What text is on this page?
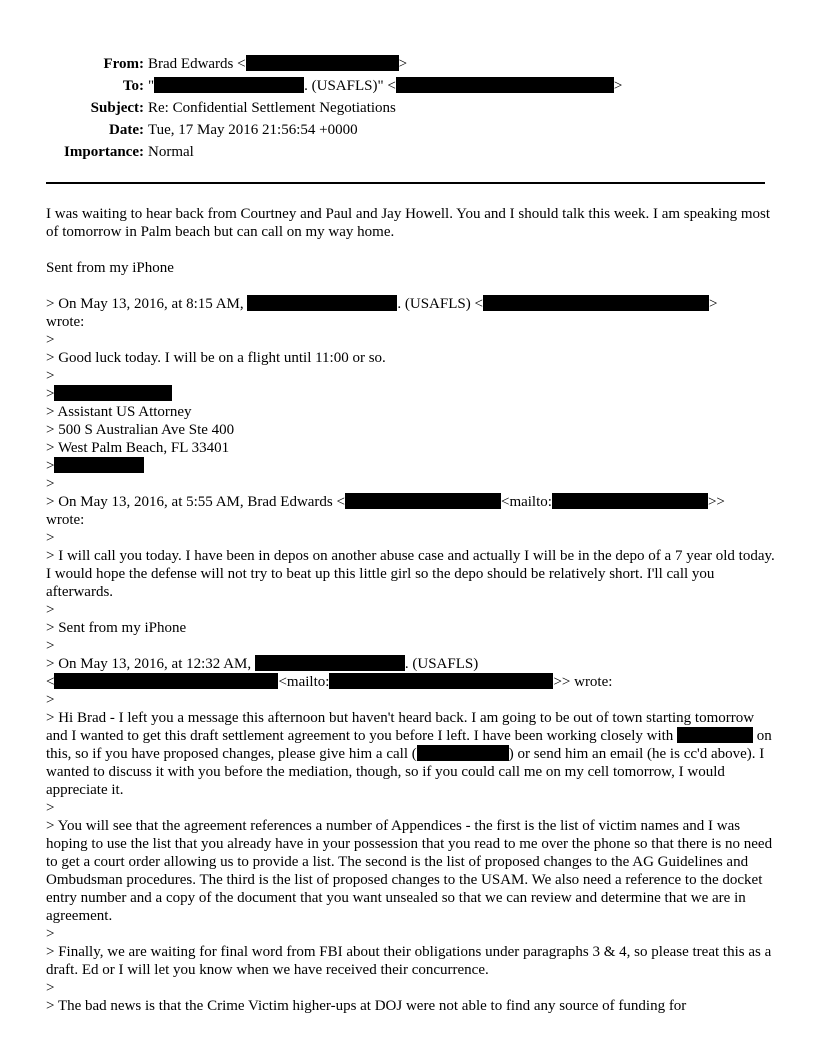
From: Brad Edwards <	>
To: "	. (USAFLS)" <	>
Subject: Re: Confidential Settlement Negotiations
Date: Tue, 17 May 2016 21:56:54 +0000
Importance: Normal

I was waiting to hear back from Courtney and Paul and Jay Howell. You and I should talk this week. I am speaking most of tomorrow in Palm beach but can call on my way home.

Sent from my iPhone

> On May 13, 2016, at 8:15 AM,	. (USAFLS) <	>

wrote:

>

> Good luck today. I will be on a flight until 11:00 or so.

>

>

> Assistant US Attorney

> 500 S Australian Ave Ste 400

> West Palm Beach, FL 33401

>

>

> On May 13, 2016, at 5:55 AM, Brad Edwards <	<mailto:	>>

wrote:

>

> I will call you today. I have been in depos on another abuse case and actually I will be in the depo of a 7 year old today. I would hope the defense will not try to beat up this little girl so the depo should be relatively short. I'll call you afterwards.

>

> Sent from my iPhone

>

> On May 13, 2016, at 12:32 AM,	. (USAFLS)

<	<mailto:	>> wrote:

>

> Hi Brad - I left you a message this afternoon but haven't heard back. I am going to be out of town starting tomorrow and I wanted to get this draft settlement agreement to you before I left. I have been working closely with	on this, so if you have proposed changes, please give him a call (	) or send him an email (he is cc'd above). I wanted to discuss it with you before the mediation, though, so if you could call me on my cell tomorrow, I would appreciate it.

>

> You will see that the agreement references a number of Appendices - the first is the list of victim names and I was hoping to use the list that you already have in your possession that you read to me over the phone so that there is no need to get a court order allowing us to provide a list. The second is the list of proposed changes to the AG Guidelines and Ombudsman procedures. The third is the list of proposed changes to the USAM. We also need a reference to the docket entry number and a copy of the document that you want unsealed so that we can review and determine that we are in agreement.

>

> Finally, we are waiting for final word from FBI about their obligations under paragraphs 3 & 4, so please treat this as a draft. Ed or I will let you know when we have received their concurrence.

>

> The bad news is that the Crime Victim higher-ups at DOJ were not able to find any source of funding for
